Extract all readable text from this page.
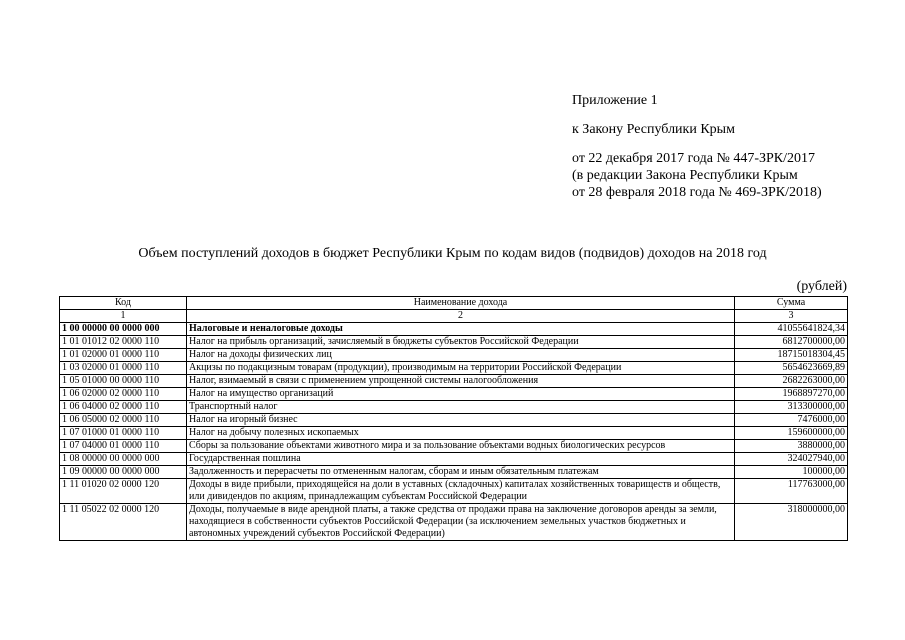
Приложение 1
к Закону Республики Крым
от 22 декабря 2017 года № 447-ЗРК/2017
(в редакции Закона Республики Крым
от 28 февраля 2018 года № 469-ЗРК/2018)
Объем поступлений доходов в бюджет Республики Крым по кодам видов (подвидов) доходов на 2018 год
(рублей)
Код	Наименование дохода	Сумма
1	2	3
1 00 00000 00 0000 000	Налоговые и неналоговые доходы	41055641824,34
1 01 01012 02 0000 110	Налог на прибыль организаций, зачисляемый в бюджеты субъектов Российской Федерации	6812700000,00
1 01 02000 01 0000 110	Налог на доходы физических лиц	18715018304,45
1 03 02000 01 0000 110	Акцизы по подакцизным товарам (продукции), производимым на территории Российской Федерации	5654623669,89
1 05 01000 00 0000 110	Налог, взимаемый в связи с применением упрощенной системы налогообложения	2682263000,00
1 06 02000 02 0000 110	Налог на имущество организаций	1968897270,00
1 06 04000 02 0000 110	Транспортный налог	313300000,00
1 06 05000 02 0000 110	Налог на игорный бизнес	7476000,00
1 07 01000 01 0000 110	Налог на добычу полезных ископаемых	159600000,00
1 07 04000 01 0000 110	Сборы за пользование объектами животного мира и за пользование объектами водных биологических ресурсов	3880000,00
1 08 00000 00 0000 000	Государственная пошлина	324027940,00
1 09 00000 00 0000 000	Задолженность и перерасчеты по отмененным налогам, сборам и иным обязательным платежам	100000,00
1 11 01020 02 0000 120	Доходы в виде прибыли, приходящейся на доли в уставных (складочных) капиталах хозяйственных товариществ и обществ, или дивидендов по акциям, принадлежащим субъектам Российской Федерации	117763000,00
1 11 05022 02 0000 120	Доходы, получаемые в виде арендной платы, а также средства от продажи права на заключение договоров аренды за земли, находящиеся в собственности субъектов Российской Федерации (за исключением земельных участков бюджетных и автономных учреждений субъектов Российской Федерации)	318000000,00
